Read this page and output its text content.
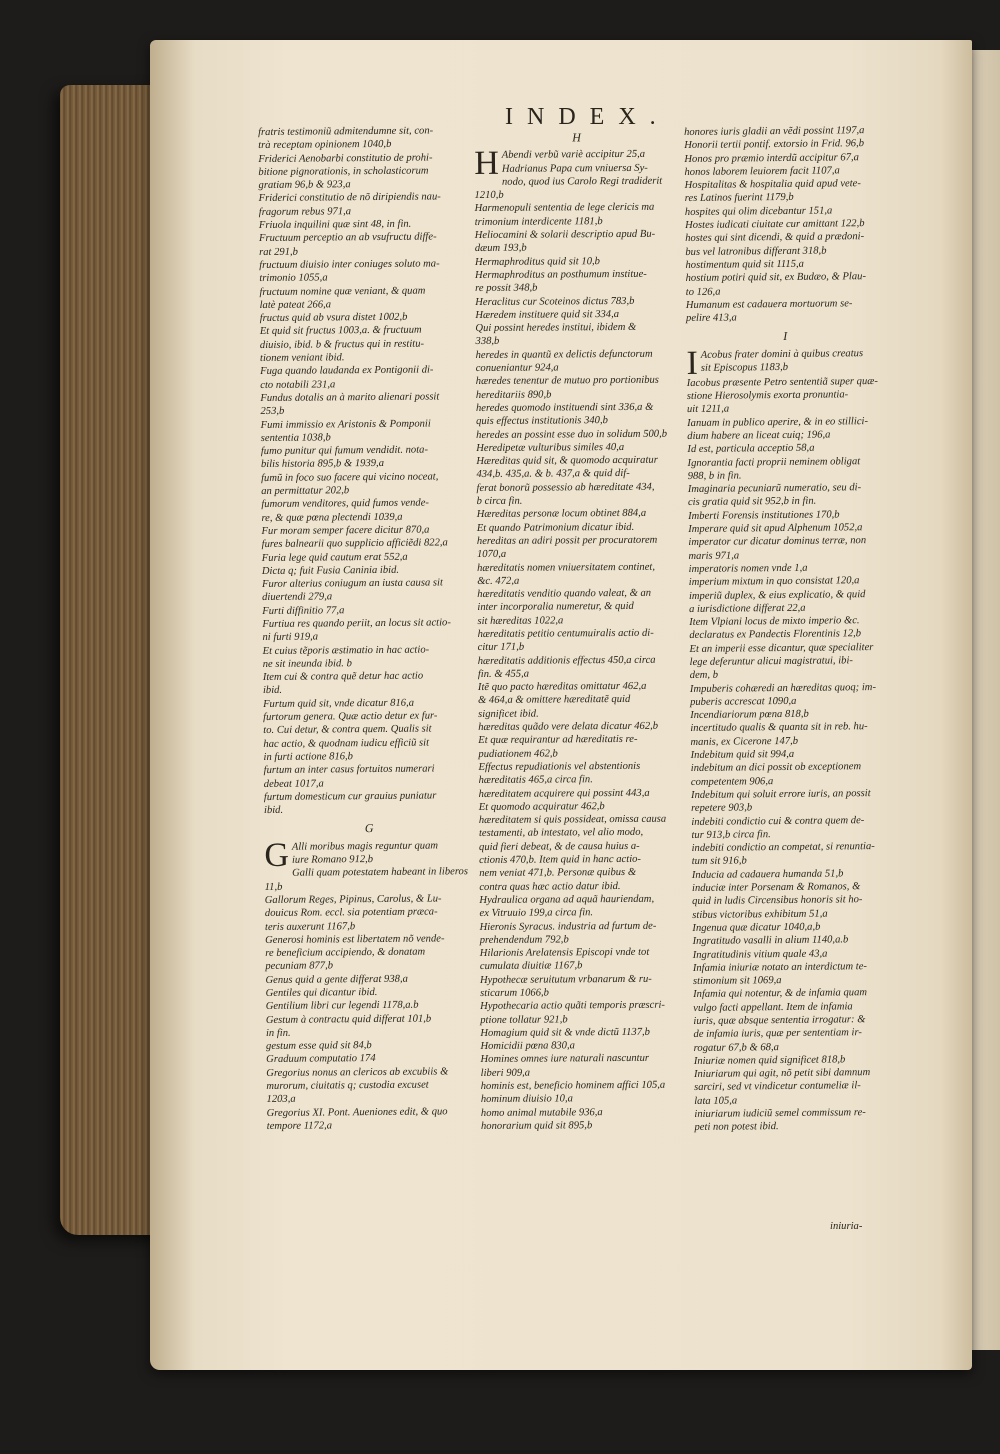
INDEX.

fratris testimoniũ admitendumne sit, con-

trà receptam opinionem 1040,b

Friderici Aenobarbi constitutio de prohi-

bitione pignorationis, in scholasticorum

gratiam 96,b & 923,a

Friderici constitutio de nõ diripiendis nau-

fragorum rebus 971,a

Friuola inquilini quæ sint 48, in fin.

Fructuum perceptio an ab vsufructu diffe-

rat 291,b

fructuum diuisio inter coniuges soluto ma-

trimonio 1055,a

fructuum nomine quæ veniant, & quam

latè pateat 266,a

fructus quid ab vsura distet 1002,b

Et quid sit fructus 1003,a. & fructuum

diuisio, ibid. b & fructus qui in restitu-

tionem veniant ibid.

Fuga quando laudanda ex Pontigonii di-

cto notabili 231,a

Fundus dotalis an à marito alienari possit

253,b

Fumi immissio ex Aristonis & Pomponii

sententia 1038,b

fumo punitur qui fumum vendidit. nota-

bilis historia 895,b & 1939,a

fumũ in foco suo facere qui vicino noceat,

an permittatur 202,b

fumorum venditores, quid fumos vende-

re, & quæ pœna plectendi 1039,a

Fur moram semper facere dicitur 870,a

fures balnearii quo supplicio afficiẽdi 822,a

Furia lege quid cautum erat 552,a

Dicta q; fuit Fusia Caninia ibid.

Furor alterius coniugum an iusta causa sit

diuertendi 279,a

Furti diffinitio 77,a

Furtiua res quando periit, an locus sit actio-

ni furti 919,a

Et cuius tẽporis æstimatio in hac actio-

ne sit ineunda ibid. b

Item cui & contra quẽ detur hac actio

ibid.

Furtum quid sit, vnde dicatur 816,a

furtorum genera. Quæ actio detur ex fur-

to. Cui detur, & contra quem. Qualis sit

hac actio, & quodnam iudicu efficiũ sit

in furti actione 816,b

furtum an inter casus fortuitos numerari

debeat 1017,a

furtum domesticum cur grauius puniatur

ibid.

G
G Alli moribus magis reguntur quam

iure Romano 912,b

Galli quam potestatem habeant in liberos

11,b

Gallorum Reges, Pipinus, Carolus, & Lu-

douicus Rom. eccl. sia potentiam præca-

teris auxerunt 1167,b

Generosi hominis est libertatem nõ vende-

re beneficium accipiendo, & donatam

pecuniam 877,b

Genus quid a gente differat 938,a

Gentiles qui dicantur ibid.

Gentilium libri cur legendi 1178,a.b

Gestum à contractu quid differat 101,b

in fin.

gestum esse quid sit 84,b

Graduum computatio 174

Gregorius nonus an clericos ab excubiis &

murorum, ciuitatis q; custodia excuset

1203,a

Gregorius XI. Pont. Aueniones edit, & quo

tempore 1172,a

H
H Abendi verbũ variè accipitur 25,a

Hadrianus Papa cum vniuersa Sy-

nodo, quod ius Carolo Regi tradiderit

1210,b

Harmenopuli sententia de lege clericis ma

trimonium interdicente 1181,b

Heliocamini & solarii descriptio apud Bu-

dæum 193,b

Hermaphroditus quid sit 10,b

Hermaphroditus an posthumum institue-

re possit 348,b

Heraclitus cur Scoteinos dictus 783,b

Hæredem instituere quid sit 334,a

Qui possint heredes institui, ibidem &

338,b

heredes in quantũ ex delictis defunctorum

conueniantur 924,a

hæredes tenentur de mutuo pro portionibus

hereditariis 890,b

heredes quomodo instituendi sint 336,a &

quis effectus institutionis 340,b

heredes an possint esse duo in solidum 500,b

Heredipetæ vulturibus similes 40,a

Hæreditas quid sit, & quomodo acquiratur

434,b. 435,a. & b. 437,a & quid dif-

ferat bonorũ possessio ab hæreditate 434,

b circa fin.

Hæreditas personæ locum obtinet 884,a

Et quando Patrimonium dicatur ibid.

hereditas an adiri possit per procuratorem

1070,a

hæreditatis nomen vniuersitatem continet,

&c. 472,a

hæreditatis venditio quando valeat, & an

inter incorporalia numeretur, & quid

sit hæreditas 1022,a

hæreditatis petitio centumuiralis actio di-

citur 171,b

hæreditatis additionis effectus 450,a circa

fin. & 455,a

Itẽ quo pacto hæreditas omittatur 462,a

& 464,a & omittere hæreditatẽ quid

significet ibid.

hæreditas quãdo vere delata dicatur 462,b

Et quæ requirantur ad hæreditatis re-

pudiationem 462,b

Effectus repudiationis vel abstentionis

hæreditatis 465,a circa fin.

hæreditatem acquirere qui possint 443,a

Et quomodo acquiratur 462,b

hæreditatem si quis possideat, omissa causa

testamenti, ab intestato, vel alio modo,

quid fieri debeat, & de causa huius a-

ctionis 470,b. Item quid in hanc actio-

nem veniat 471,b. Personæ quibus &

contra quas hæc actio datur ibid.

Hydraulica organa ad aquã hauriendam,

ex Vitruuio 199,a circa fin.

Hieronis Syracus. industria ad furtum de-

prehendendum 792,b

Hilarionis Arelatensis Episcopi vnde tot

cumulata diuitiæ 1167,b

Hypothecæ seruitutum vrbanarum & ru-

sticarum 1066,b

Hypothecaria actio quãti temporis præscri-

ptione tollatur 921,b

Homagium quid sit & vnde dictũ 1137,b

Homicidii pœna 830,a

Homines omnes iure naturali nascuntur

liberi 909,a

hominis est, beneficio hominem affici 105,a

hominum diuisio 10,a

homo animal mutabile 936,a

honorarium quid sit 895,b

honores iuris gladii an vẽdi possint 1197,a

Honorii tertii pontif. extorsio in Frid. 96,b

Honos pro præmio interdũ accipitur 67,a

honos laborem leuiorem facit 1107,a

Hospitalitas & hospitalia quid apud vete-

res Latinos fuerint 1179,b

hospites qui olim dicebantur 151,a

Hostes iudicati ciuitate cur amittant 122,b

hostes qui sint dicendi, & quid a prædoni-

bus vel latronibus differant 318,b

hostimentum quid sit 1115,a

hostium potiri quid sit, ex Budæo, & Plau-

to 126,a

Humanum est cadauera mortuorum se-

pelire 413,a

I
I Acobus frater domini à quibus creatus

sit Episcopus 1183,b

Iacobus præsente Petro sententiã super quæ-

stione Hierosolymis exorta pronuntia-

uit 1211,a

Ianuam in publico aperire, & in eo stillici-

dium habere an liceat cuiq; 196,a

Id est, particula acceptio 58,a

Ignorantia facti proprii neminem obligat

988, b in fin.

Imaginaria pecuniarũ numeratio, seu di-

cis gratia quid sit 952,b in fin.

Imberti Forensis institutiones 170,b

Imperare quid sit apud Alphenum 1052,a

imperator cur dicatur dominus terræ, non

maris 971,a

imperatoris nomen vnde 1,a

imperium mixtum in quo consistat 120,a

imperiũ duplex, & eius explicatio, & quid

a iurisdictione differat 22,a

Item Vlpiani locus de mixto imperio &c.

declaratus ex Pandectis Florentinis 12,b

Et an imperii esse dicantur, quæ specialiter

lege deferuntur alicui magistratui, ibi-

dem, b

Impuberis cohæredi an hæreditas quoq; im-

puberis accrescat 1090,a

Incendiariorum pœna 818,b

incertitudo qualis & quanta sit in reb. hu-

manis, ex Cicerone 147,b

Indebitum quid sit 994,a

indebitum an dici possit ob exceptionem

competentem 906,a

Indebitum qui soluit errore iuris, an possit

repetere 903,b

indebiti condictio cui & contra quem de-

tur 913,b circa fin.

indebiti condictio an competat, si renuntia-

tum sit 916,b

Inducia ad cadauera humanda 51,b

induciæ inter Porsenam & Romanos, &

quid in ludis Circensibus honoris sit ho-

stibus victoribus exhibitum 51,a

Ingenua quæ dicatur 1040,a,b

Ingratitudo vasalli in alium 1140,a.b

Ingratitudinis vitium quale 43,a

Infamia iniuriæ notato an interdictum te-

stimonium sit 1069,a

Infamia qui notentur, & de infamia quam

vulgo facti appellant. Item de infamia

iuris, quæ absque sententia irrogatur: &

de infamia iuris, quæ per sententiam ir-

rogatur 67,b & 68,a

Iniuriæ nomen quid significet 818,b

Iniuriarum qui agit, nõ petit sibi damnum

sarciri, sed vt vindicetur contumeliæ il-

lata 105,a

iniuriarum iudiciũ semel commissum re-

peti non potest ibid.

iniuria-
